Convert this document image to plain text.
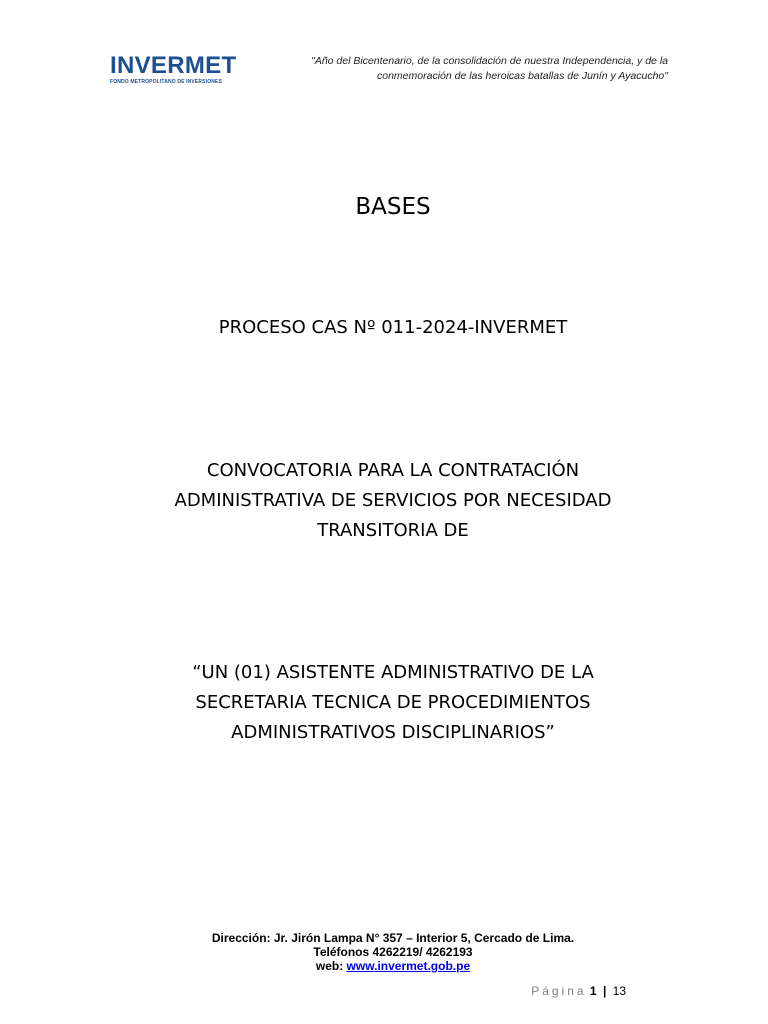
INVERMET
FONDO METROPOLITANO DE INVERSIONES
"Año del Bicentenario, de la consolidación de nuestra Independencia, y de la
conmemoración de las heroicas batallas de Junín y Ayacucho"
BASES
PROCESO CAS Nº 011-2024-INVERMET
CONVOCATORIA PARA LA CONTRATACIÓN
ADMINISTRATIVA DE SERVICIOS POR NECESIDAD
TRANSITORIA DE
“UN (01) ASISTENTE ADMINISTRATIVO DE LA
SECRETARIA TECNICA DE PROCEDIMIENTOS
ADMINISTRATIVOS DISCIPLINARIOS”
Dirección: Jr. Jirón Lampa N° 357 – Interior 5, Cercado de Lima.
Teléfonos 4262219/ 4262193
web: www.invermet.gob.pe
Página 1 | 13
